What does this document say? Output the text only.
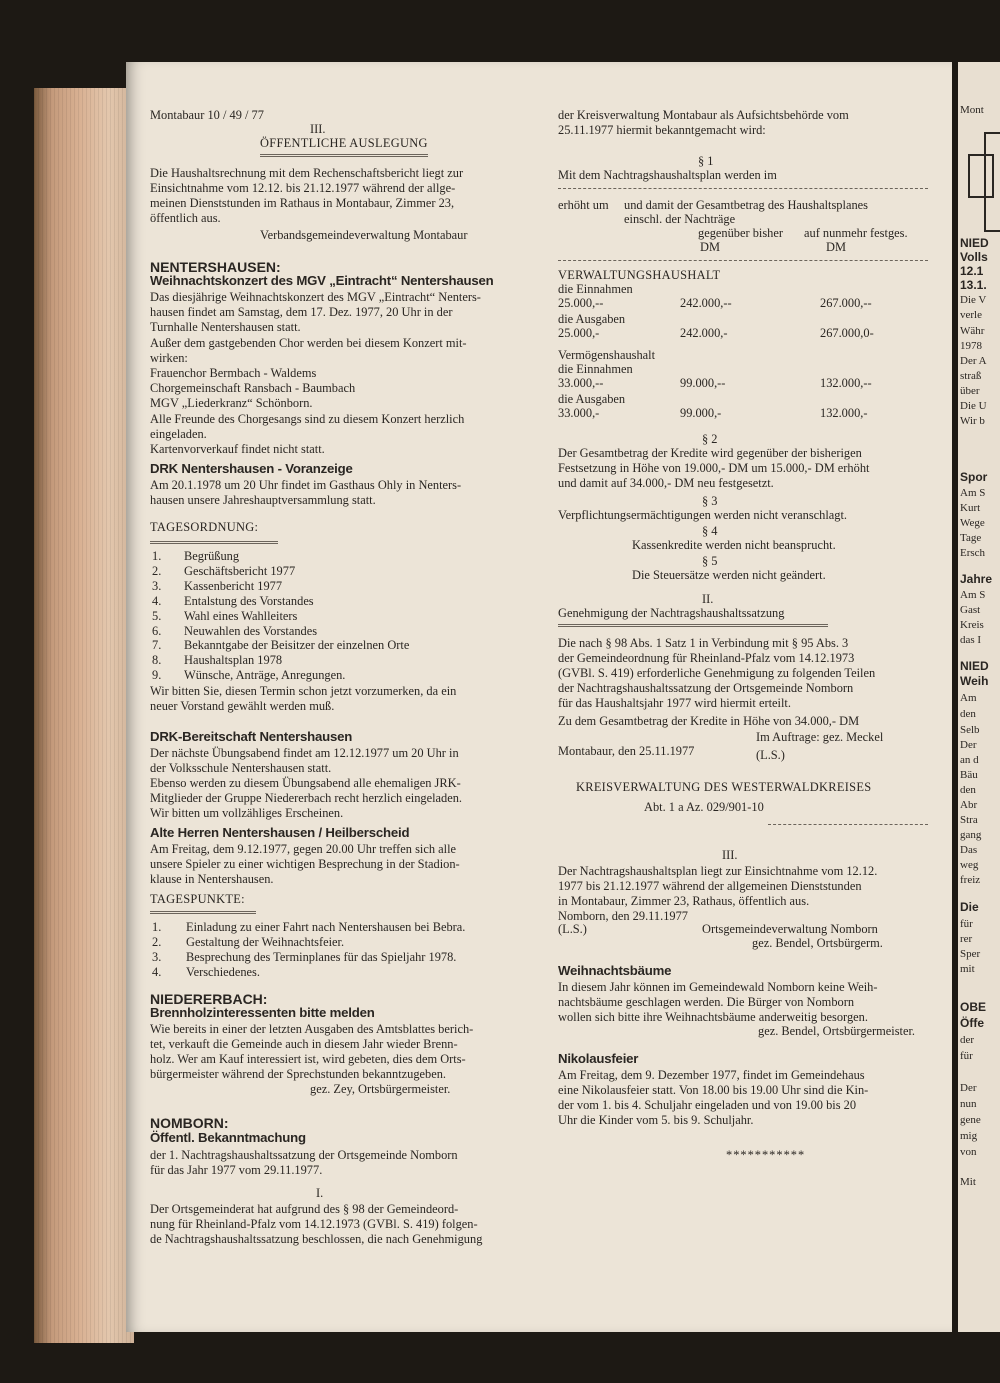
Montabaur 10 / 49 / 77
III.
ÖFFENTLICHE AUSLEGUNG
Die Haushaltsrechnung mit dem Rechenschaftsbericht liegt zur
Einsichtnahme vom 12.12. bis 21.12.1977 während der allge-
meinen Dienststunden im Rathaus in Montabaur, Zimmer 23,
öffentlich aus.
Verbandsgemeindeverwaltung Montabaur
NENTERSHAUSEN:
Weihnachtskonzert des MGV „Eintracht“ Nentershausen
Das diesjährige Weihnachtskonzert des MGV „Eintracht“ Nenters-
hausen findet am Samstag, dem 17. Dez. 1977, 20 Uhr in der
Turnhalle Nentershausen statt.
Außer dem gastgebenden Chor werden bei diesem Konzert mit-
wirken:
Frauenchor Bermbach - Waldems
Chorgemeinschaft Ransbach - Baumbach
MGV „Liederkranz“ Schönborn.
Alle Freunde des Chorgesangs sind zu diesem Konzert herzlich
eingeladen.
Kartenvorverkauf findet nicht statt.
DRK Nentershausen - Voranzeige
Am 20.1.1978 um 20 Uhr findet im Gasthaus Ohly in Nenters-
hausen unsere Jahreshauptversammlung statt.
TAGESORDNUNG:
1. Begrüßung
2. Geschäftsbericht 1977
3. Kassenbericht 1977
4. Entalstung des Vorstandes
5. Wahl eines Wahlleiters
6. Neuwahlen des Vorstandes
7. Bekanntgabe der Beisitzer der einzelnen Orte
8. Haushaltsplan 1978
9. Wünsche, Anträge, Anregungen.
Wir bitten Sie, diesen Termin schon jetzt vorzumerken, da ein
neuer Vorstand gewählt werden muß.
DRK-Bereitschaft Nentershausen
Der nächste Übungsabend findet am 12.12.1977 um 20 Uhr in
der Volksschule Nentershausen statt.
Ebenso werden zu diesem Übungsabend alle ehemaligen JRK-
Mitglieder der Gruppe Niedererbach recht herzlich eingeladen.
Wir bitten um vollzähliges Erscheinen.
Alte Herren Nentershausen / Heilberscheid
Am Freitag, dem 9.12.1977, gegen 20.00 Uhr treffen sich alle
unsere Spieler zu einer wichtigen Besprechung in der Stadion-
klause in Nentershausen.
TAGESPUNKTE:
1. Einladung zu einer Fahrt nach Nentershausen bei Bebra.
2. Gestaltung der Weihnachtsfeier.
3. Besprechung des Terminplanes für das Spieljahr 1978.
4. Verschiedenes.
NIEDERERBACH:
Brennholzinteressenten bitte melden
Wie bereits in einer der letzten Ausgaben des Amtsblattes berich-
tet, verkauft die Gemeinde auch in diesem Jahr wieder Brenn-
holz. Wer am Kauf interessiert ist, wird gebeten, dies dem Orts-
bürgermeister während der Sprechstunden bekanntzugeben.
gez. Zey, Ortsbürgermeister.
NOMBORN:
Öffentl. Bekanntmachung
der 1. Nachtragshaushaltssatzung der Ortsgemeinde Nomborn
für das Jahr 1977 vom 29.11.1977.
I.
Der Ortsgemeinderat hat aufgrund des § 98 der Gemeindeord-
nung für Rheinland-Pfalz vom 14.12.1973 (GVBl. S. 419) folgen-
de Nachtragshaushaltssatzung beschlossen, die nach Genehmigung
der Kreisverwaltung Montabaur als Aufsichtsbehörde vom
25.11.1977 hiermit bekanntgemacht wird:
§ 1
Mit dem Nachtragshaushaltsplan werden im
erhöht um und damit der Gesamtbetrag des Haushaltsplanes
einschl. der Nachträge
gegenüber bisher auf nunmehr festges.
DM	DM
VERWALTUNGSHAUSHALT
die Einnahmen
25.000,--	242.000,--	267.000,--
die Ausgaben
25.000,-	242.000,-	267.000,0-
Vermögenshaushalt
die Einnahmen
33.000,--	99.000,--	132.000,--
die Ausgaben
33.000,-	99.000,-	132.000,-
§ 2
Der Gesamtbetrag der Kredite wird gegenüber der bisherigen
Festsetzung in Höhe von 19.000,- DM um 15.000,- DM erhöht
und damit auf 34.000,- DM neu festgesetzt.
§ 3
Verpflichtungsermächtigungen werden nicht veranschlagt.
§ 4
Kassenkredite werden nicht beansprucht.
§ 5
Die Steuersätze werden nicht geändert.
II.
Genehmigung der Nachtragshaushaltssatzung
Die nach § 98 Abs. 1 Satz 1 in Verbindung mit § 95 Abs. 3
der Gemeindeordnung für Rheinland-Pfalz vom 14.12.1973
(GVBl. S. 419) erforderliche Genehmigung zu folgenden Teilen
der Nachtragshaushaltssatzung der Ortsgemeinde Nomborn
für das Haushaltsjahr 1977 wird hiermit erteilt.
Zu dem Gesamtbetrag der Kredite in Höhe von 34.000,- DM
Im Auftrage: gez. Meckel
Montabaur, den 25.11.1977	(L.S.)
KREISVERWALTUNG DES WESTERWALDKREISES
Abt. 1 a Az. 029/901-10
III.
Der Nachtragshaushaltsplan liegt zur Einsichtnahme vom 12.12.
1977 bis 21.12.1977 während der allgemeinen Dienststunden
in Montabaur, Zimmer 23, Rathaus, öffentlich aus.
Nomborn, den 29.11.1977
(L.S.)	Ortsgemeindeverwaltung Nomborn
gez. Bendel, Ortsbürgerm.
Weihnachtsbäume
In diesem Jahr können im Gemeindewald Nomborn keine Weih-
nachtsbäume geschlagen werden. Die Bürger von Nomborn
wollen sich bitte ihre Weihnachtsbäume anderweitig besorgen.
gez. Bendel, Ortsbürgermeister.
Nikolausfeier
Am Freitag, dem 9. Dezember 1977, findet im Gemeindehaus
eine Nikolausfeier statt. Von 18.00 bis 19.00 Uhr sind die Kin-
der vom 1. bis 4. Schuljahr eingeladen und von 19.00 bis 20
Uhr die Kinder vom 5. bis 9. Schuljahr.
***********
Mont
NIED
Volls
12.1
13.1.
Die V
verle
Währ
1978
Der A
straß
über
Die U
Wir b
Spor
Am S
Kurt
Wege
Tage
Ersch
Jahre
Am S
Gast
Kreis
das I
NIED
Weih
Am
den
Selb
Der
an d
Bäu
den
Abr
Stra
gang
Das
weg
freiz
Die
für
rer
Sper
mit
OBE
Öffe
der
für
Der
nun
gene
mig
von
Mit
